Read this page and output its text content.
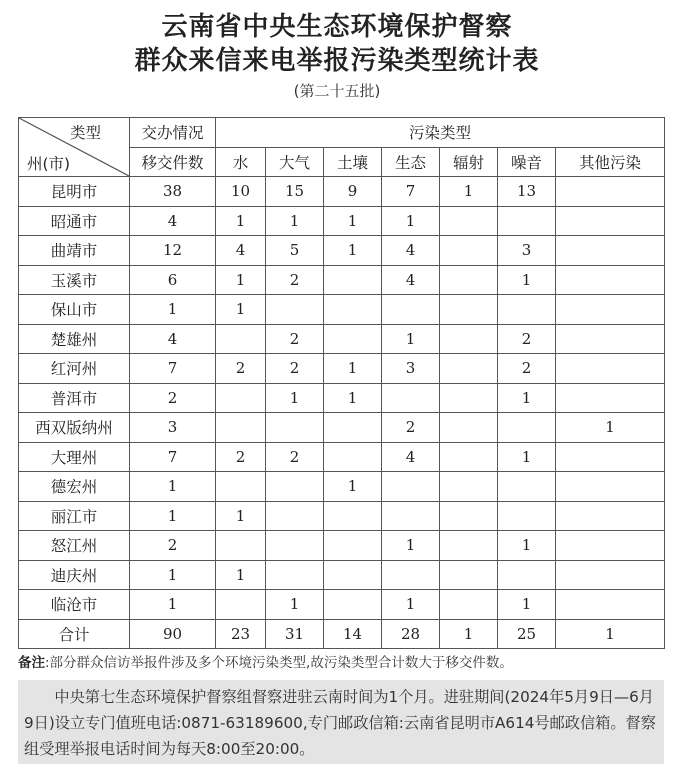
云南省中央生态环境保护督察
群众来信来电举报污染类型统计表
(第二十五批)
类型
州(市)	交办情况	污染类型						
	移交件数	水	大气	土壤	生态	辐射	噪音	其他污染
昆明市	38	10	15	9	7	1	13	
昭通市	4	1	1	1	1			
曲靖市	12	4	5	1	4		3	
玉溪市	6	1	2		4		1	
保山市	1	1						
楚雄州	4		2		1		2	
红河州	7	2	2	1	3		2	
普洱市	2		1	1			1	
西双版纳州	3				2			1
大理州	7	2	2		4		1	
德宏州	1			1				
丽江市	1	1						
怒江州	2				1		1	
迪庆州	1	1						
临沧市	1		1		1		1	
合计	90	23	31	14	28	1	25	1
备注:部分群众信访举报件涉及多个环境污染类型,故污染类型合计数大于移交件数。
中央第七生态环境保护督察组督察进驻云南时间为1个月。进驻期间(2024年5月9日—6月9日)设立专门值班电话:0871-63189600,专门邮政信箱:云南省昆明市A614号邮政信箱。督察组受理举报电话时间为每天8:00至20:00。
